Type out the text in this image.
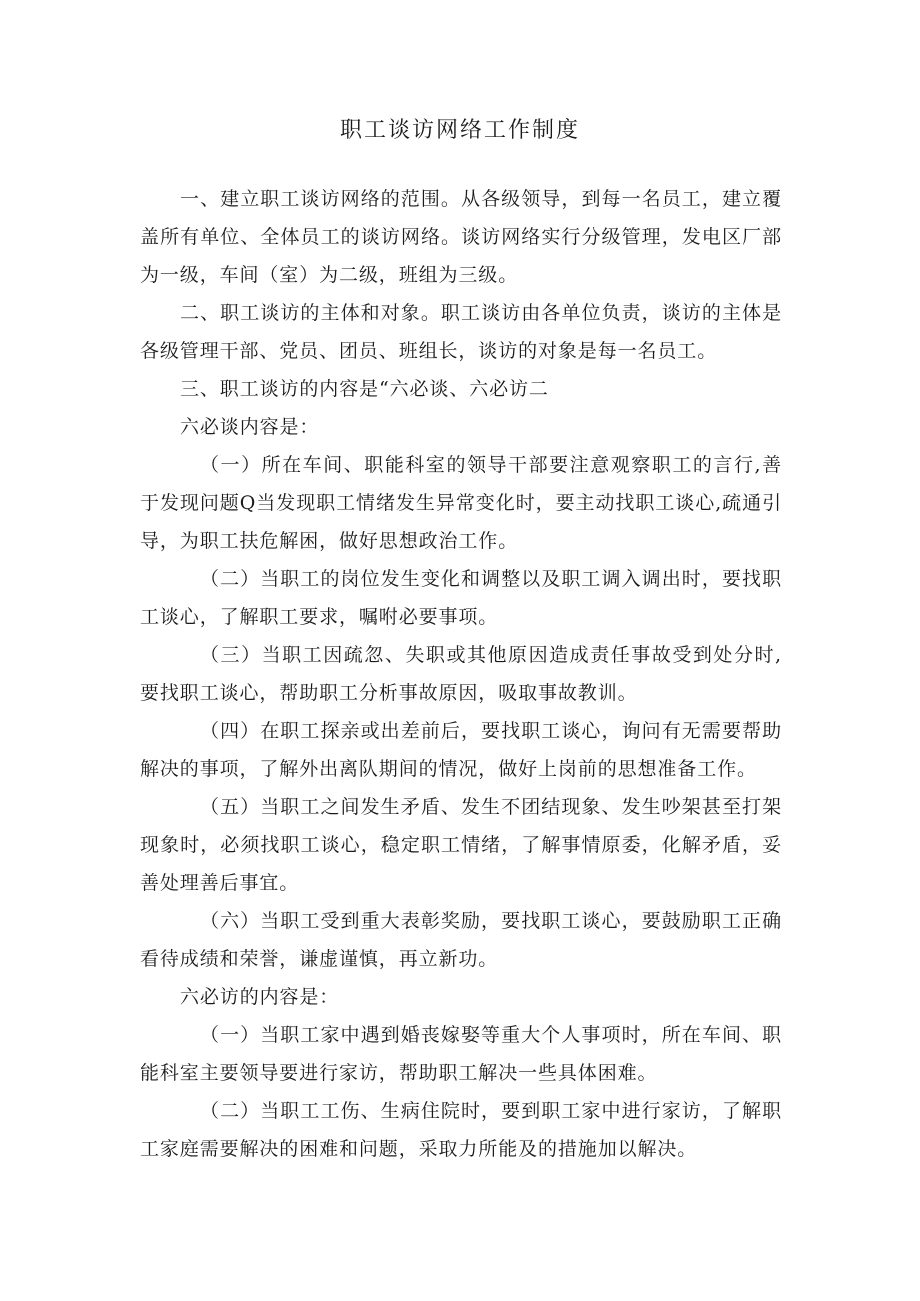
职工谈访网络工作制度

一、建立职工谈访网络的范围。从各级领导，到每一名员工，建立覆盖所有单位、全体员工的谈访网络。谈访网络实行分级管理，发电区厂部为一级，车间（室）为二级，班组为三级。

二、职工谈访的主体和对象。职工谈访由各单位负责，谈访的主体是各级管理干部、党员、团员、班组长，谈访的对象是每一名员工。

三、职工谈访的内容是“六必谈、六必访二

六必谈内容是：

（一）所在车间、职能科室的领导干部要注意观察职工的言行,善于发现问题Q当发现职工情绪发生异常变化时，要主动找职工谈心,疏通引导，为职工扶危解困，做好思想政治工作。

（二）当职工的岗位发生变化和调整以及职工调入调出时，要找职工谈心，了解职工要求，嘱咐必要事项。

（三）当职工因疏忽、失职或其他原因造成责任事故受到处分时,要找职工谈心，帮助职工分析事故原因，吸取事故教训。

（四）在职工探亲或出差前后，要找职工谈心，询问有无需要帮助解决的事项，了解外出离队期间的情况，做好上岗前的思想准备工作。

（五）当职工之间发生矛盾、发生不团结现象、发生吵架甚至打架现象时，必须找职工谈心，稳定职工情绪，了解事情原委，化解矛盾，妥善处理善后事宜。

（六）当职工受到重大表彰奖励，要找职工谈心，要鼓励职工正确看待成绩和荣誉，谦虚谨慎，再立新功。

六必访的内容是：

（一）当职工家中遇到婚丧嫁娶等重大个人事项时，所在车间、职能科室主要领导要进行家访，帮助职工解决一些具体困难。

（二）当职工工伤、生病住院时，要到职工家中进行家访，了解职工家庭需要解决的困难和问题，采取力所能及的措施加以解决。
